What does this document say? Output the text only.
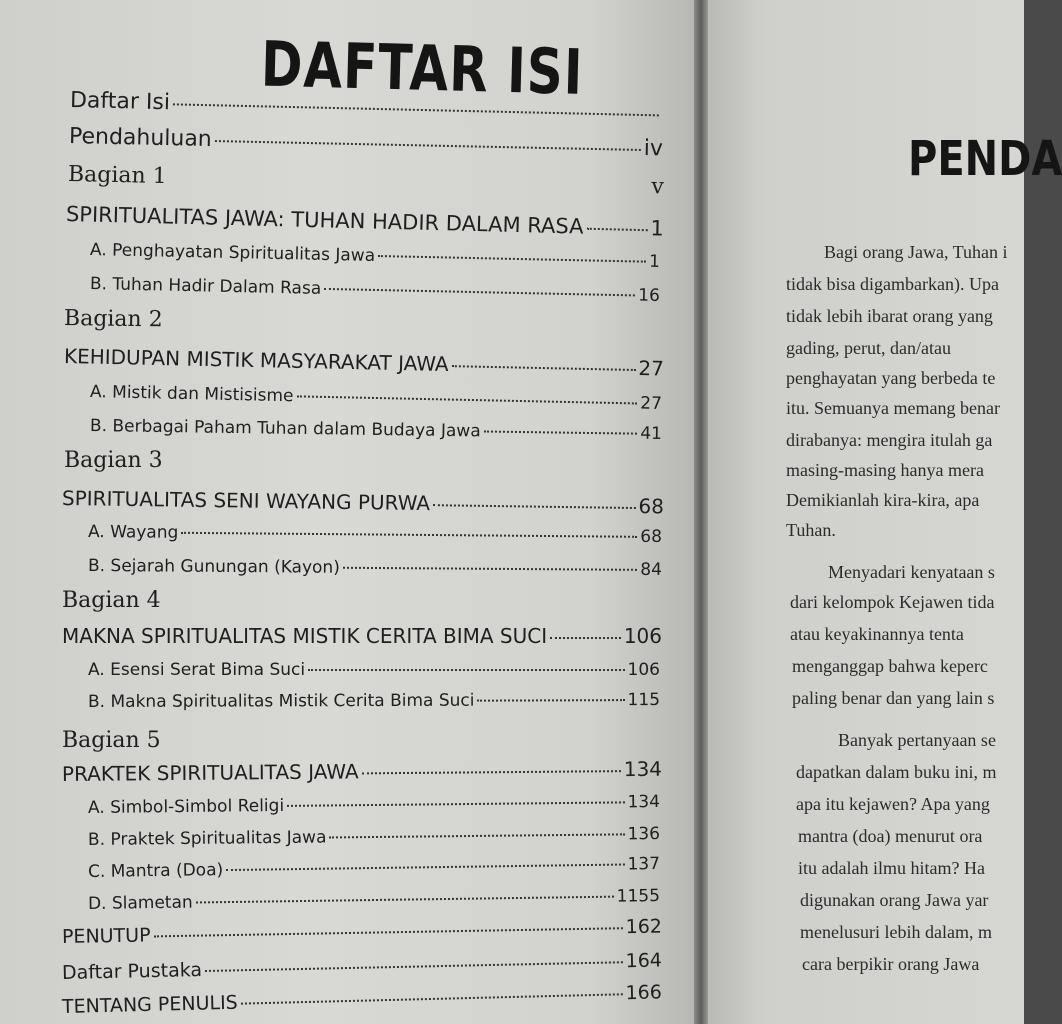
DAFTAR ISI
Daftar Isi
Pendahuluan	iv
Bagian 1	v
SPIRITUALITAS JAWA: TUHAN HADIR DALAM RASA	1
A. Penghayatan Spiritualitas Jawa	1
B. Tuhan Hadir Dalam Rasa	16
Bagian 2
KEHIDUPAN MISTIK MASYARAKAT JAWA	27
A. Mistik dan Mistisisme	27
B. Berbagai Paham Tuhan dalam Budaya Jawa	41
Bagian 3
SPIRITUALITAS SENI WAYANG PURWA	68
A. Wayang	68
B. Sejarah Gunungan (Kayon)	84
Bagian 4
MAKNA SPIRITUALITAS MISTIK CERITA BIMA SUCI	106
A. Esensi Serat Bima Suci	106
B. Makna Spiritualitas Mistik Cerita Bima Suci	115
Bagian 5
PRAKTEK SPIRITUALITAS JAWA	134
A. Simbol-Simbol Religi	134
B. Praktek Spiritualitas Jawa	136
C. Mantra (Doa)	137
D. Slametan	1155
PENUTUP	162
Daftar Pustaka	164
TENTANG PENULIS	166
PENDA
Bagi orang Jawa, Tuhan i
tidak bisa digambarkan). Upa
tidak lebih ibarat orang yang
gading, perut, dan/atau
penghayatan yang berbeda te
itu. Semuanya memang benar
dirabanya: mengira itulah ga
masing-masing hanya mera
Demikianlah kira-kira, apa
Tuhan.
Menyadari kenyataan s
dari kelompok Kejawen tida
atau keyakinannya tenta
menganggap bahwa keperc
paling benar dan yang lain s
Banyak pertanyaan se
dapatkan dalam buku ini, m
apa itu kejawen? Apa yang
mantra (doa) menurut ora
itu adalah ilmu hitam? Ha
digunakan orang Jawa yar
menelusuri lebih dalam, m
cara berpikir orang Jawa
